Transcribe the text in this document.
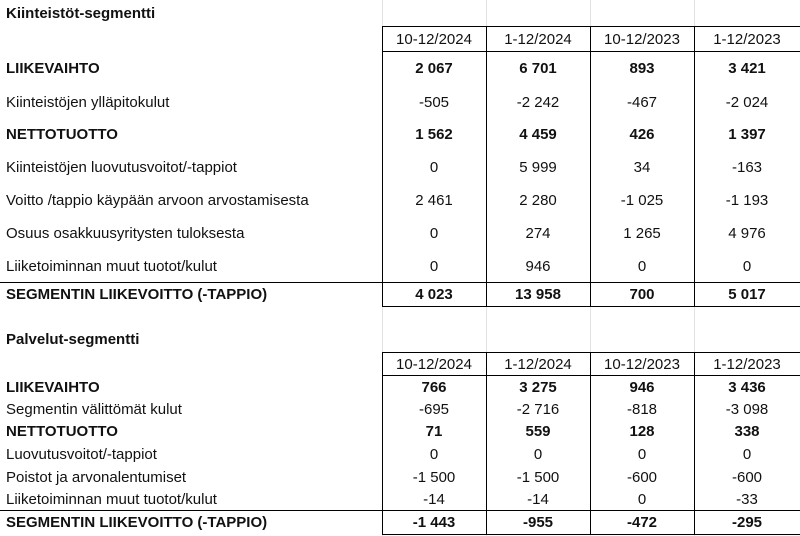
Kiinteistöt-segmentti
	10-12/2024	1-12/2024	10-12/2023	1-12/2023
LIIKEVAIHTO	2 067	6 701	893	3 421
Kiinteistöjen ylläpitokulut	-505	-2 242	-467	-2 024
NETTOTUOTTO	1 562	4 459	426	1 397
Kiinteistöjen luovutusvoitot/-tappiot	0	5 999	34	-163
Voitto /tappio käypään arvoon arvostamisesta	2 461	2 280	-1 025	-1 193
Osuus osakkuusyritysten tuloksesta	0	274	1 265	4 976
Liiketoiminnan muut tuotot/kulut	0	946	0	0
SEGMENTIN LIIKEVOITTO (-TAPPIO)	4 023	13 958	700	5 017
Palvelut-segmentti
	10-12/2024	1-12/2024	10-12/2023	1-12/2023
LIIKEVAIHTO	766	3 275	946	3 436
Segmentin välittömät kulut	-695	-2 716	-818	-3 098
NETTOTUOTTO	71	559	128	338
Luovutusvoitot/-tappiot	0	0	0	0
Poistot ja arvonalentumiset	-1 500	-1 500	-600	-600
Liiketoiminnan muut tuotot/kulut	-14	-14	0	-33
SEGMENTIN LIIKEVOITTO (-TAPPIO)	-1 443	-955	-472	-295
